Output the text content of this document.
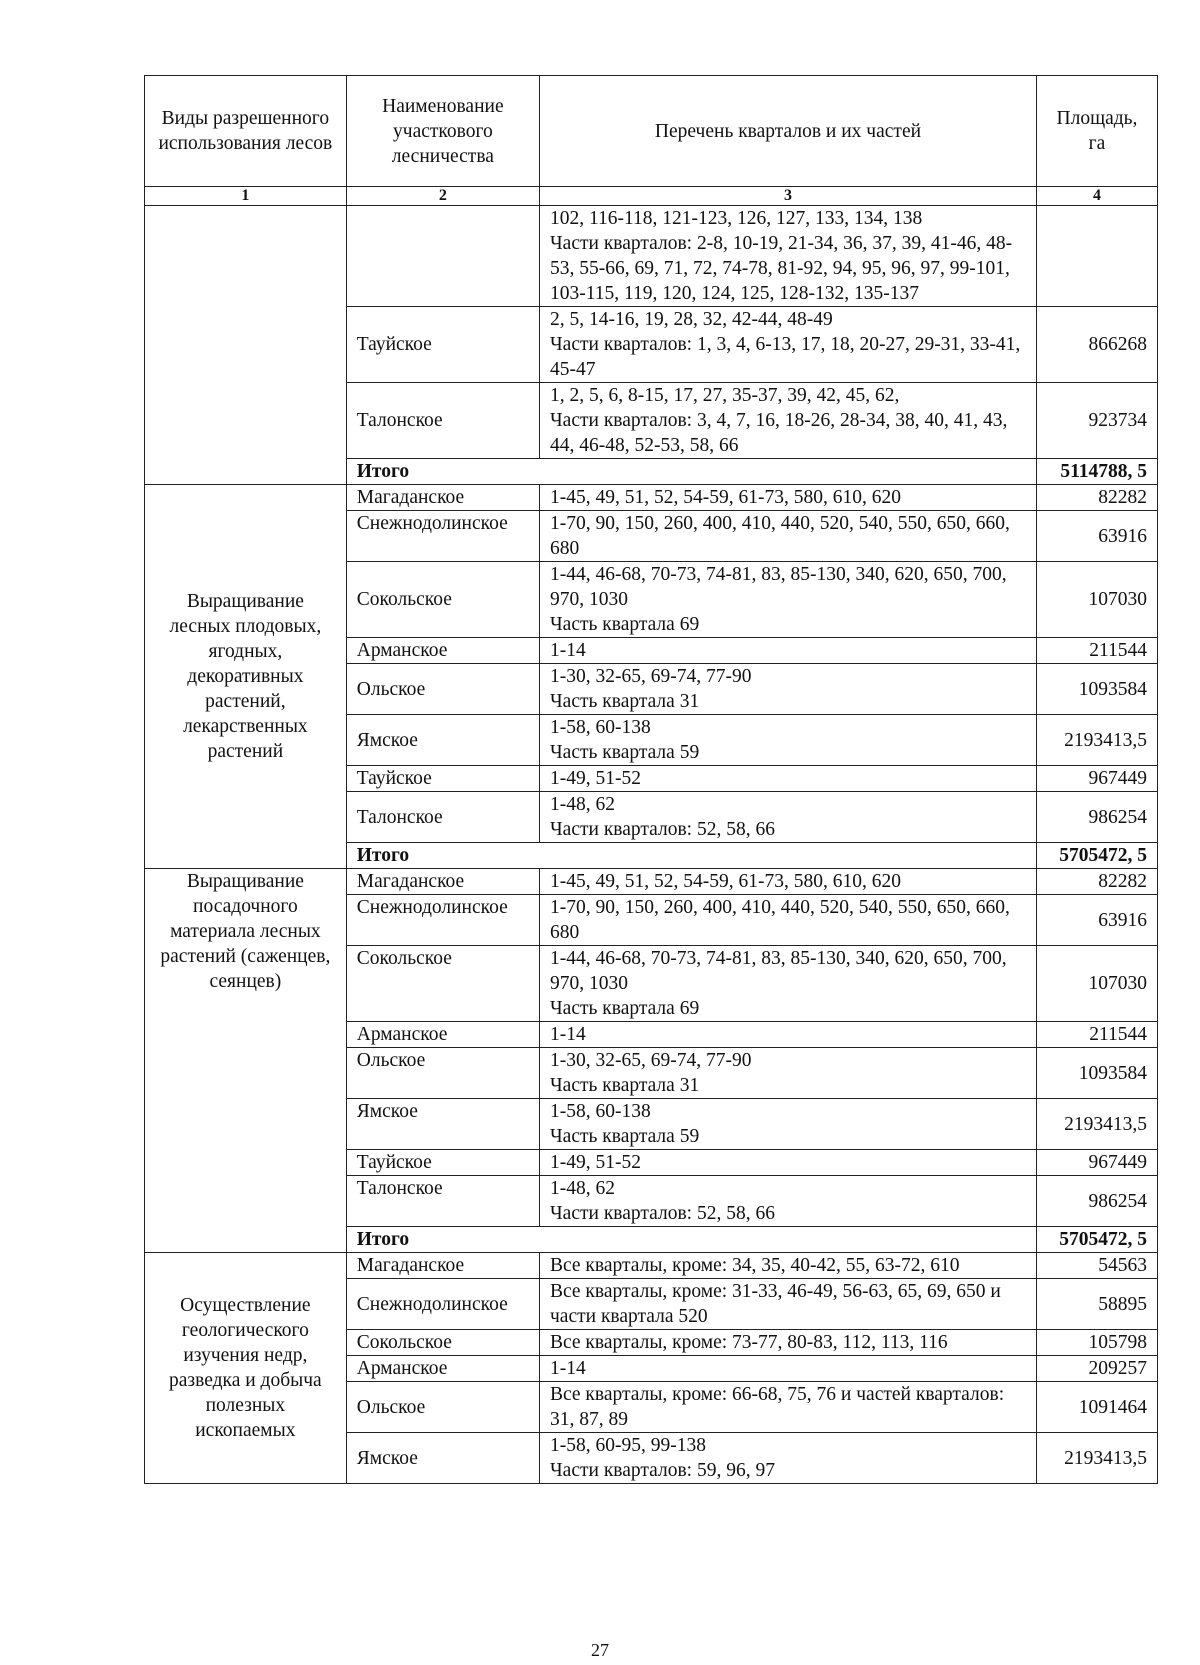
Виды разрешенного использования лесов	Наименование участкового лесничества	Перечень кварталов и их частей	Площадь, га
1	2	3	4

		102, 116-118, 121-123, 126, 127, 133, 134, 138
Части кварталов: 2-8, 10-19, 21-34, 36, 37, 39, 41-46, 48-53, 55-66, 69, 71, 72, 74-78, 81-92, 94, 95, 96, 97, 99-101, 103-115, 119, 120, 124, 125, 128-132, 135-137	

	Тауйское	2, 5, 14-16, 19, 28, 32, 42-44, 48-49
Части кварталов: 1, 3, 4, 6-13, 17, 18, 20-27, 29-31, 33-41, 45-47	866268
	Талонское	1, 2, 5, 6, 8-15, 17, 27, 35-37, 39, 42, 45, 62,
Части кварталов: 3, 4, 7, 16, 18-26, 28-34, 38, 40, 41, 43, 44, 46-48, 52-53, 58, 66	923734
	Итого		5114788, 5
Выращивание лесных плодовых, ягодных, декоративных растений, лекарственных растений	Магаданское	1-45, 49, 51, 52, 54-59, 61-73, 580, 610, 620	82282
	Снежнодолинское	1-70, 90, 150, 260, 400, 410, 440, 520, 540, 550, 650, 660, 680	63916
	Сокольское	1-44, 46-68, 70-73, 74-81, 83, 85-130, 340, 620, 650, 700, 970, 1030
Часть квартала 69	107030
	Арманское	1-14	211544
	Ольское	1-30, 32-65, 69-74, 77-90
Часть квартала 31	1093584
	Ямское	1-58, 60-138
Часть квартала 59	2193413,5
	Тауйское	1-49, 51-52	967449
	Талонское	1-48, 62
Части кварталов: 52, 58, 66	986254
	Итого		5705472, 5
Выращивание посадочного материала лесных растений (саженцев, сеянцев)	Магаданское	1-45, 49, 51, 52, 54-59, 61-73, 580, 610, 620	82282
	Снежнодолинское	1-70, 90, 150, 260, 400, 410, 440, 520, 540, 550, 650, 660, 680	63916
	Сокольское	1-44, 46-68, 70-73, 74-81, 83, 85-130, 340, 620, 650, 700, 970, 1030
Часть квартала 69	107030
	Арманское	1-14	211544
	Ольское	1-30, 32-65, 69-74, 77-90
Часть квартала 31	1093584
	Ямское	1-58, 60-138
Часть квартала 59	2193413,5
	Тауйское	1-49, 51-52	967449
	Талонское	1-48, 62
Части кварталов: 52, 58, 66	986254
	Итого		5705472, 5
Осуществление геологического изучения недр, разведка и добыча полезных ископаемых	Магаданское	Все кварталы, кроме: 34, 35, 40-42, 55, 63-72, 610	54563
	Снежнодолинское	Все кварталы, кроме: 31-33, 46-49, 56-63, 65, 69, 650 и части квартала 520	58895
	Сокольское	Все кварталы, кроме: 73-77, 80-83, 112, 113, 116	105798
	Арманское	1-14	209257
	Ольское	Все кварталы, кроме: 66-68, 75, 76 и частей кварталов: 31, 87, 89	1091464
	Ямское	1-58, 60-95, 99-138
Части кварталов: 59, 96, 97	2193413,5
27
